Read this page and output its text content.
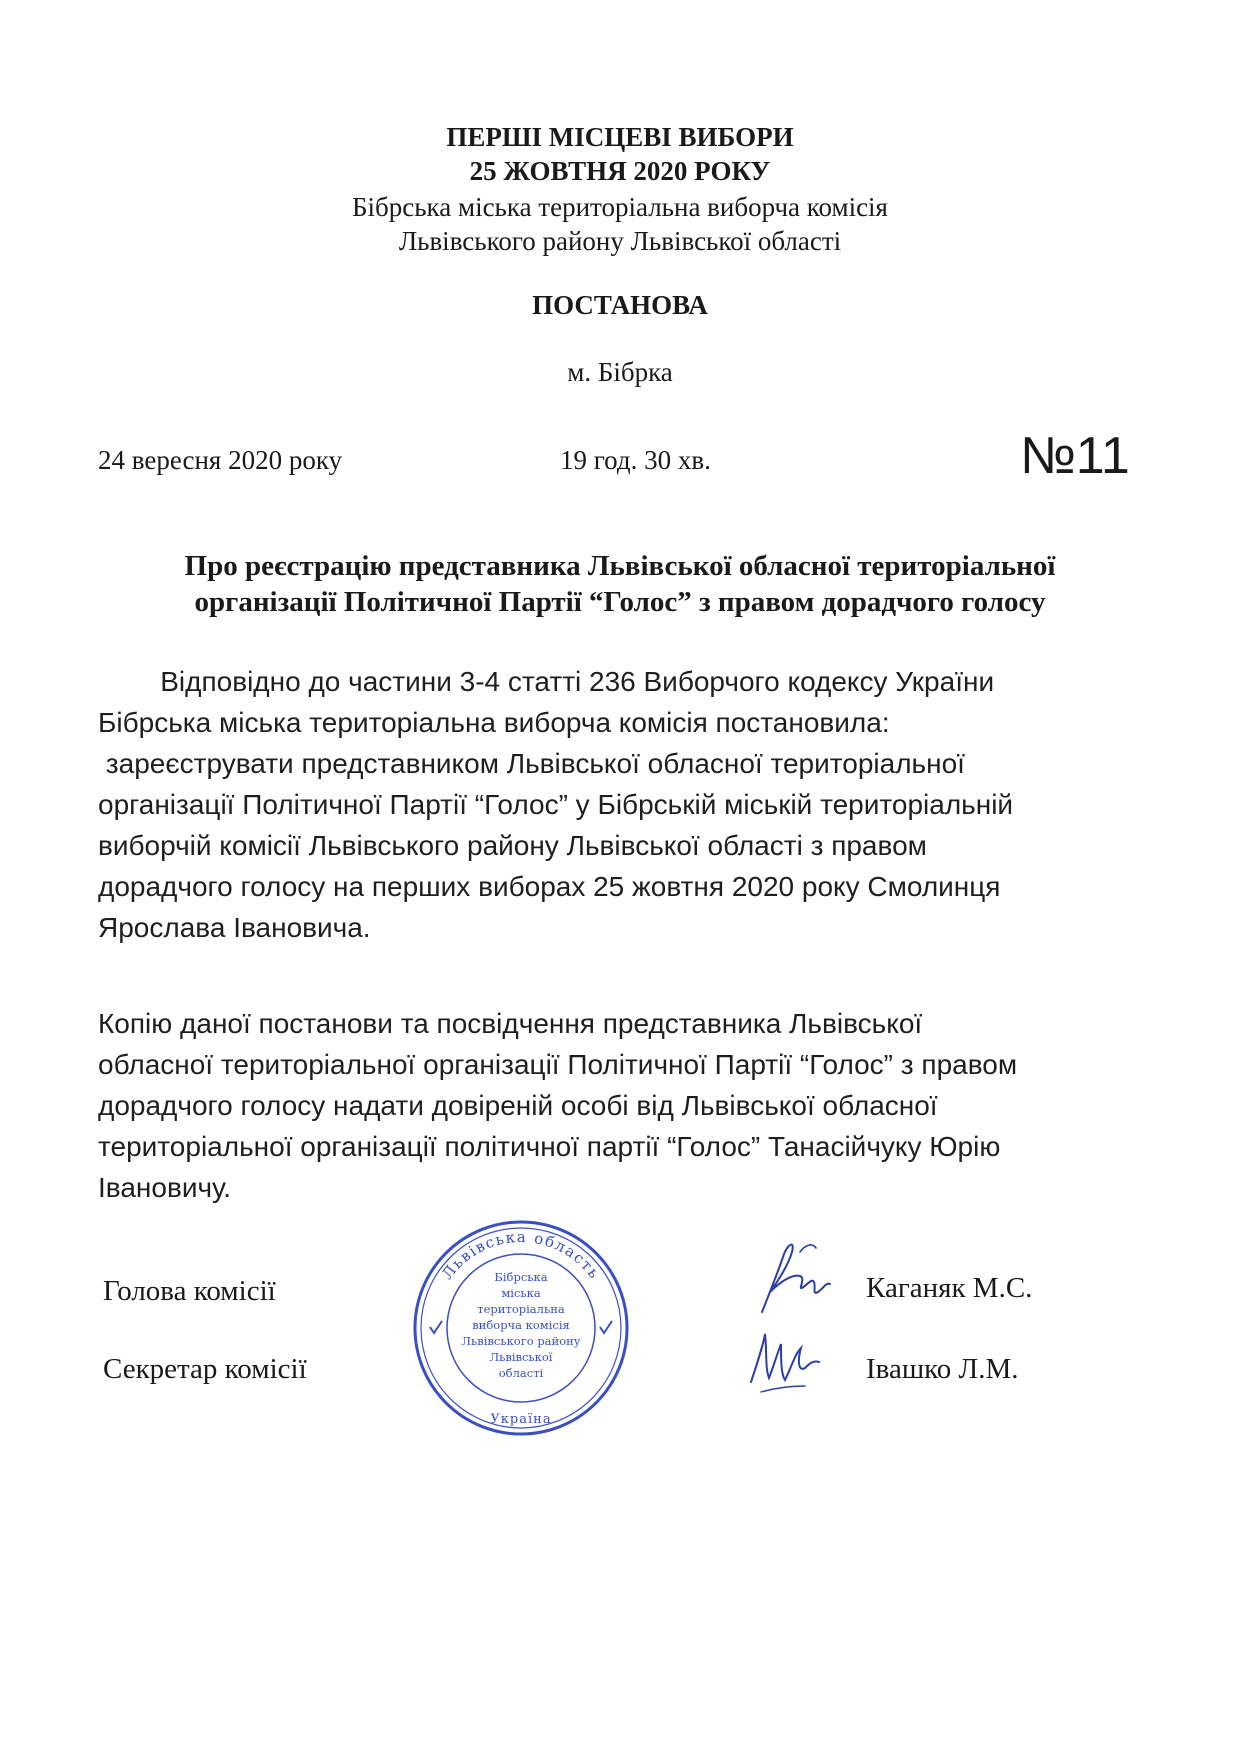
ПЕРШІ МІСЦЕВІ ВИБОРИ
25 ЖОВТНЯ 2020 РОКУ
Бібрська міська територіальна виборча комісія
Львівського району Львівської області
ПОСТАНОВА
м. Бібрка
24 вересня 2020 року	19 год. 30 хв.	№11
Про реєстрацію представника Львівської обласної територіальної
організації Політичної Партії “Голос” з правом дорадчого голосу
Відповідно до частини 3-4 статті 236 Виборчого кодексу України
Бібрська міська територіальна виборча комісія постановила:
зареєструвати представником Львівської обласної територіальної
організації Політичної Партії “Голос” у Бібрській міській територіальній
виборчій комісії Львівського району Львівської області з правом
дорадчого голосу на перших виборах 25 жовтня 2020 року Смолинця
Ярослава Івановича.
Копію даної постанови та посвідчення представника Львівської
обласної територіальної організації Політичної Партії “Голос” з правом
дорадчого голосу надати довіреній особі від Львівської обласної
територіальної організації політичної партії “Голос” Танасійчуку Юрію
Івановичу.
Голова комісії
Секретар комісії
Каганяк М.С.
Івашко Л.М.
Львівська область
Україна
Бібрська
міська
територіальна
виборча комісія
Львівського району
Львівської
області
